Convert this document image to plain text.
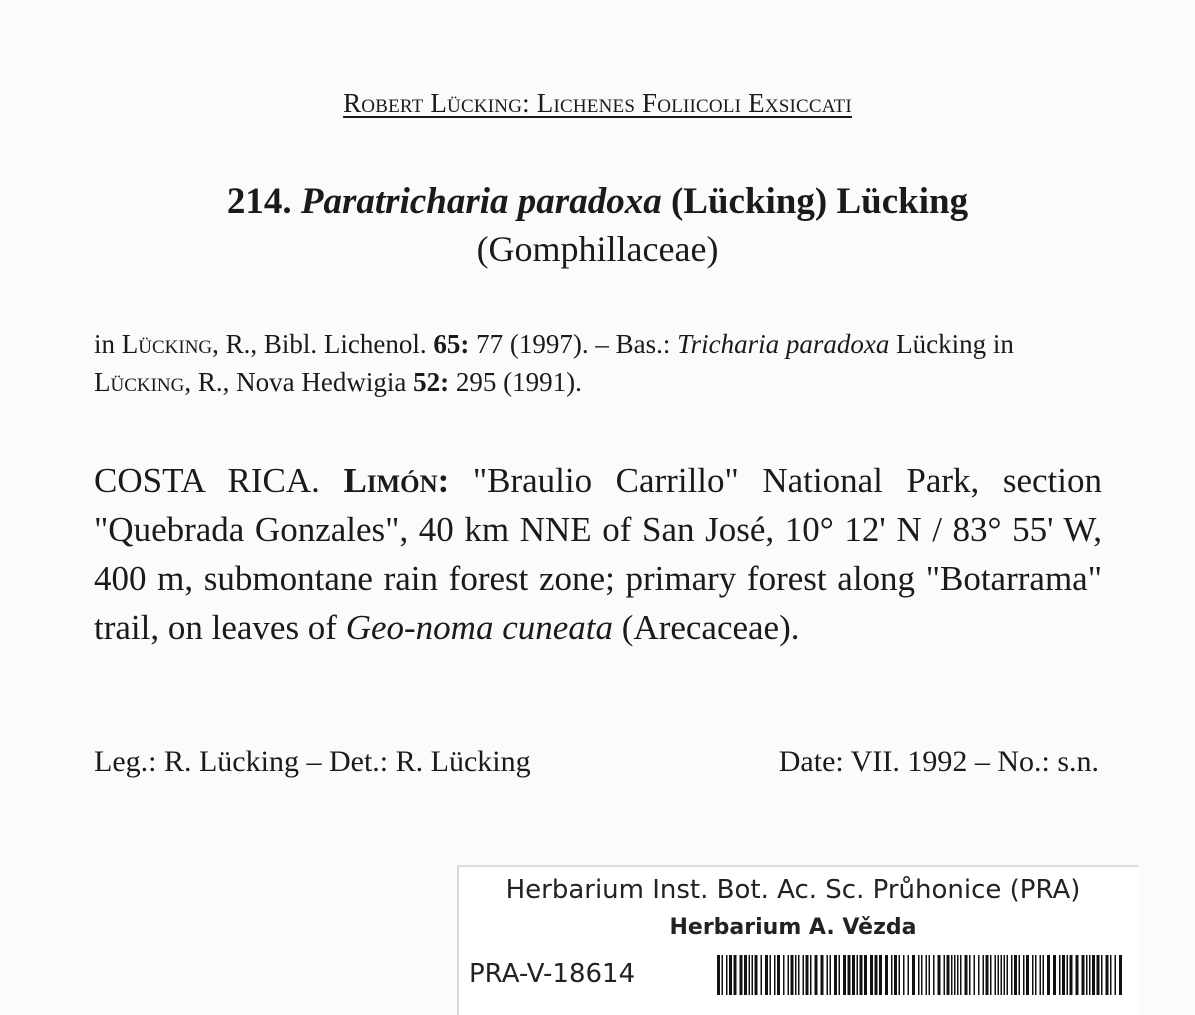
Robert Lücking: Lichenes Foliicoli Exsiccati
214. Paratricharia paradoxa (Lücking) Lücking
(Gomphillaceae)
in Lücking, R., Bibl. Lichenol. 65: 77 (1997). – Bas.: Tricharia paradoxa Lücking in Lücking, R., Nova Hedwigia 52: 295 (1991).
COSTA RICA. Limón: "Braulio Carrillo" National Park, section "Quebrada Gonzales", 40 km NNE of San José, 10° 12' N / 83° 55' W, 400 m, submontane rain forest zone; primary forest along "Botarrama" trail, on leaves of Geo-noma cuneata (Arecaceae).
Leg.: R. Lücking – Det.: R. Lücking	Date: VII. 1992 – No.: s.n.
Herbarium Inst. Bot. Ac. Sc. Průhonice (PRA)
Herbarium A. Vězda
PRA-V-18614
